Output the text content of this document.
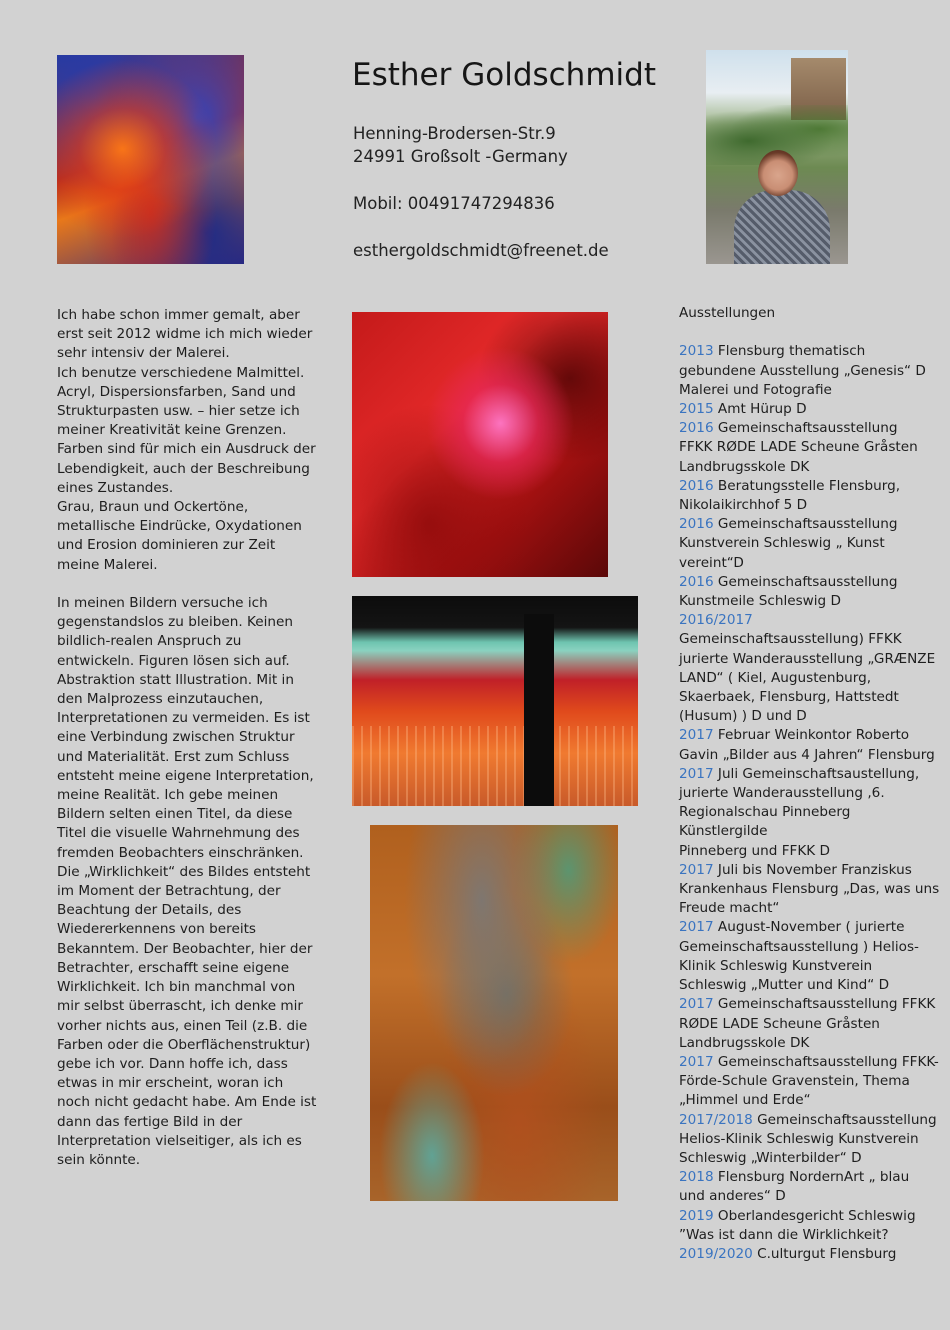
Esther Goldschmidt
Henning-Brodersen-Str.9
24991 Großsolt -Germany
Mobil: 00491747294836
esthergoldschmidt@freenet.de

Ich habe schon immer gemalt, aber
erst seit 2012 widme ich mich wieder
sehr intensiv der Malerei.
Ich benutze verschiedene Malmittel.
Acryl, Dispersionsfarben, Sand und
Strukturpasten usw. – hier setze ich
meiner Kreativität keine Grenzen.
Farben sind für mich ein Ausdruck der
Lebendigkeit, auch der Beschreibung
eines Zustandes.
Grau, Braun und Ockertöne,
metallische Eindrücke, Oxydationen
und Erosion dominieren zur Zeit
meine Malerei.

In meinen Bildern versuche ich
gegenstandslos zu bleiben. Keinen
bildlich-realen Anspruch zu
entwickeln. Figuren lösen sich auf.
Abstraktion statt Illustration. Mit in
den Malprozess einzutauchen,
Interpretationen zu vermeiden. Es ist
eine Verbindung zwischen Struktur
und Materialität. Erst zum Schluss
entsteht meine eigene Interpretation,
meine Realität. Ich gebe meinen
Bildern selten einen Titel, da diese
Titel die visuelle Wahrnehmung des
fremden Beobachters einschränken.
Die „Wirklichkeit“ des Bildes entsteht
im Moment der Betrachtung, der
Beachtung der Details, des
Wiedererkennens von bereits
Bekanntem. Der Beobachter, hier der
Betrachter, erschafft seine eigene
Wirklichkeit. Ich bin manchmal von
mir selbst überrascht, ich denke mir
vorher nichts aus, einen Teil (z.B. die
Farben oder die Oberflächenstruktur)
gebe ich vor. Dann hoffe ich, dass
etwas in mir erscheint, woran ich
noch nicht gedacht habe. Am Ende ist
dann das fertige Bild in der
Interpretation vielseitiger, als ich es
sein könnte.

Ausstellungen
2013 Flensburg thematisch
gebundene Ausstellung „Genesis“ D
Malerei und Fotografie
2015 Amt Hürup D
2016 Gemeinschaftsausstellung
FFKK RØDE LADE Scheune Gråsten
Landbrugsskole DK
2016 Beratungsstelle Flensburg,
Nikolaikirchhof 5 D
2016 Gemeinschaftsausstellung
Kunstverein Schleswig „ Kunst
vereint“D
2016 Gemeinschaftsausstellung
Kunstmeile Schleswig D
2016/2017
Gemeinschaftsausstellung) FFKK
jurierte Wanderausstellung „GRÆNZE
LAND“ ( Kiel, Augustenburg,
Skaerbaek, Flensburg, Hattstedt
(Husum) ) D und D
2017 Februar Weinkontor Roberto
Gavin „Bilder aus 4 Jahren“ Flensburg
2017 Juli Gemeinschaftsaustellung,
jurierte Wanderausstellung ,6.
Regionalschau Pinneberg Künstlergilde
Pinneberg und FFKK D
2017 Juli bis November Franziskus
Krankenhaus Flensburg „Das, was uns
Freude macht“
2017 August-November ( jurierte
Gemeinschaftsausstellung ) Helios-
Klinik Schleswig Kunstverein
Schleswig „Mutter und Kind“ D
2017 Gemeinschaftsausstellung FFKK
RØDE LADE Scheune Gråsten
Landbrugsskole DK
2017 Gemeinschaftsausstellung FFKK-
Förde-Schule Gravenstein, Thema
„Himmel und Erde“
2017/2018 Gemeinschaftsausstellung
Helios-Klinik Schleswig Kunstverein
Schleswig „Winterbilder“ D
2018 Flensburg NordernArt „ blau
und anderes“ D
2019 Oberlandesgericht Schleswig
”Was ist dann die Wirklichkeit?
2019/2020 C.ulturgut Flensburg
